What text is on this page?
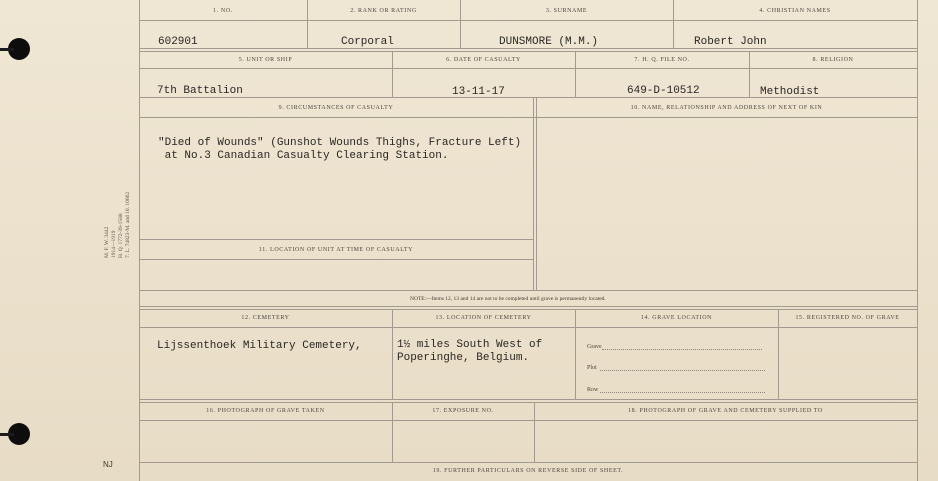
M. F. W. 3442 1914—1919 H. Q. 1772-39-1588 7. L. 74823-M. and 10. 10662
NJ
1. NO.	2. RANK OR RATING	3. SURNAME	4. CHRISTIAN NAMES
602901	Corporal	DUNSMORE (M.M.)	Robert John
5. UNIT OR SHIP	6. DATE OF CASUALTY	7. H. Q. FILE NO.	8. RELIGION
7th Battalion	13-11-17	649-D-10512	Methodist
9. CIRCUMSTANCES OF CASUALTY	10. NAME, RELATIONSHIP AND ADDRESS OF NEXT OF KIN
"Died of Wounds" (Gunshot Wounds Thighs, Fracture Left)
at No.3 Canadian Casualty Clearing Station.
11. LOCATION OF UNIT AT TIME OF CASUALTY
NOTE:—Items 12, 13 and 14 are not to be completed until grave is permanently located.
12. CEMETERY	13. LOCATION OF CEMETERY	14. GRAVE LOCATION	15. REGISTERED NO. OF GRAVE
Lijssenthoek Military Cemetery,	1½ miles South West of
Poperinghe, Belgium.
Grave
Plot
Row
16. PHOTOGRAPH OF GRAVE TAKEN	17. EXPOSURE NO.	18. PHOTOGRAPH OF GRAVE AND CEMETERY SUPPLIED TO
19. FURTHER PARTICULARS ON REVERSE SIDE OF SHEET.
